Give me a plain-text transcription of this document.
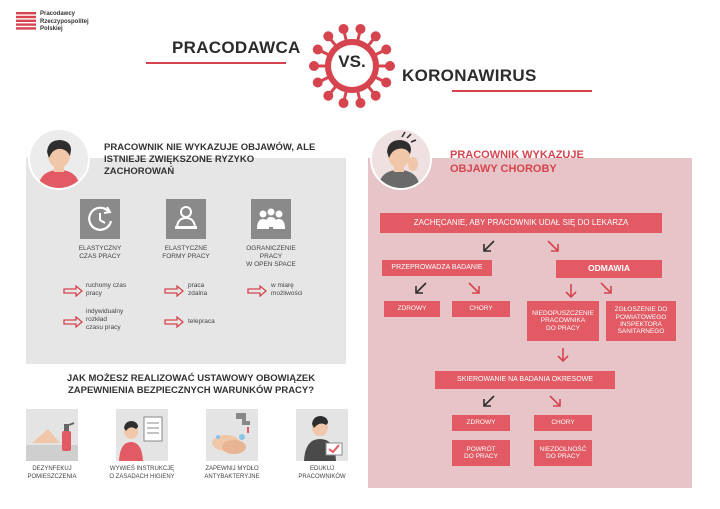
Pracodawcy
Rzeczypospolitej
Polskiej
PRACODAWCA
VS.
KORONAWIRUS
PRACOWNIK NIE WYKAZUJE OBJAWÓW, ALE ISTNIEJE ZWIĘKSZONE RYZYKO ZACHOROWAŃ
ELASTYCZNY
CZAS PRACY
ELASTYCZNE
FORMY PRACY
OGRANICZENIE
PRACY
W OPEN SPACE
ruchomy czas
pracy
indywidualny
rozkład
czasu pracy
praca
zdalna
telepraca
w miarę
możliwości
JAK MOŻESZ REALIZOWAĆ USTAWOWY OBOWIĄZEK
ZAPEWNIENIA BEZPIECZNYCH WARUNKÓW PRACY?
DEZYNFEKUJ
POMIESZCZENIA
WYWIEŚ INSTRUKCJĘ
O ZASADACH HIGIENY
ZAPEWNIJ MYDŁO
ANTYBAKTERYJNE
EDUKUJ
PRACOWNIKÓW
PRACOWNIK WYKAZUJE
OBJAWY CHOROBY
ZACHĘCANIE, ABY PRACOWNIK UDAŁ SIĘ DO LEKARZA
PRZEPROWADZA BADANIE	ODMAWIA
ZDROWY	CHORY
NIEDOPUSZCZENIE
PRACOWNIKA
DO PRACY
ZGŁOSZENIE DO
POWIATOWEGO
INSPEKTORA
SANITARNEGO
SKIEROWANIE NA BADANIA OKRESOWE
ZDROWY	CHORY
POWRÓT
DO PRACY
NIEZDOLNOŚĆ
DO PRACY
